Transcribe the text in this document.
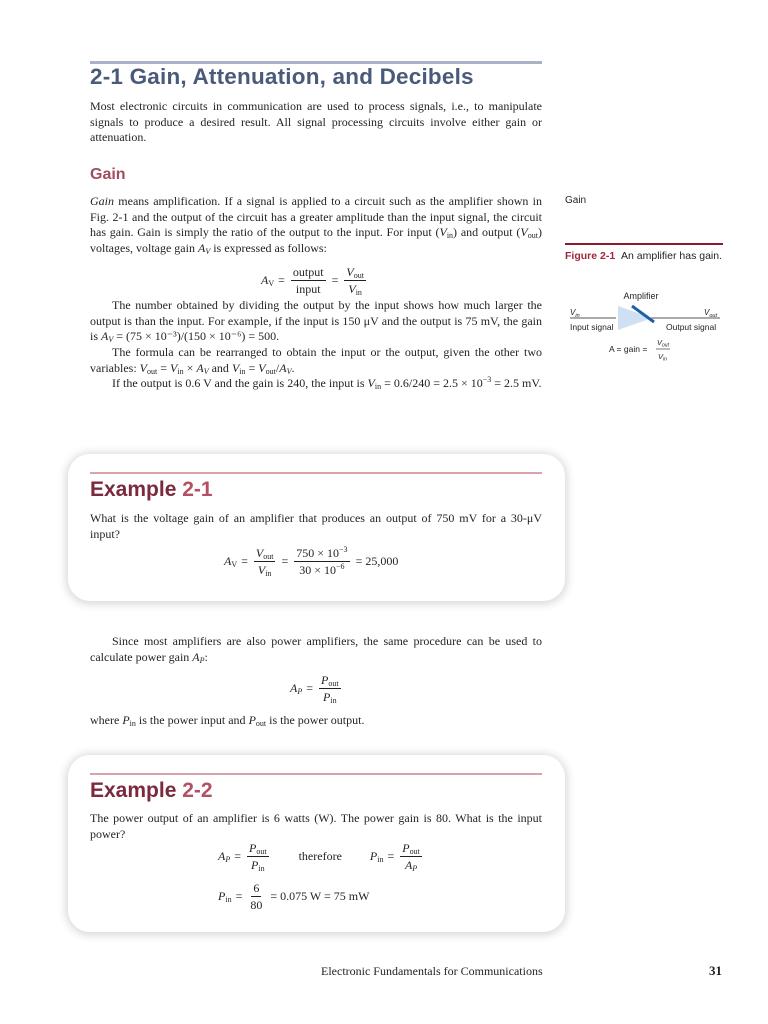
2-1 Gain, Attenuation, and Decibels

Most electronic circuits in communication are used to process signals, i.e., to manipulate signals to produce a desired result. All signal processing circuits involve either gain or attenuation.

Gain

Gain means amplification. If a signal is applied to a circuit such as the amplifier shown in Fig. 2-1 and the output of the circuit has a greater amplitude than the input signal, the circuit has gain. Gain is simply the ratio of the output to the input. For input $(V_{in})$ and output $(V_{out})$ voltages, voltage gain $A_V$ is expressed as follows:

$A_V = \frac{\text{output}}{\text{input}} = \frac{V_{out}}{V_{in}}$

The number obtained by dividing the output by the input shows how much larger the output is than the input. For example, if the input is 150 μV and the output is 75 mV, the gain is $A_V = (75 \times 10^{-3})/(150 \times 10^{-6}) = 500$.

The formula can be rearranged to obtain the input or the output, given the other two variables: $V_{out} = V_{in} \times A_V$ and $V_{in} = V_{out}/A_V$.

If the output is 0.6 V and the gain is 240, the input is $V_{in} = 0.6/240 = 2.5 \times 10^{-3} = 2.5$ mV.

Example 2-1

What is the voltage gain of an amplifier that produces an output of 750 mV for a 30-μV input?

$A_V = \frac{V_{out}}{V_{in}} = \frac{750 \times 10^{-3}}{30 \times 10^{-6}} = 25,000$

Since most amplifiers are also power amplifiers, the same procedure can be used to calculate power gain $A_P$:

$A_P = \frac{P_{out}}{P_{in}}$

where $P_{in}$ is the power input and $P_{out}$ is the power output.

Example 2-2

The power output of an amplifier is 6 watts (W). The power gain is 80. What is the input power?

$A_P = \frac{P_{out}}{P_{in}}$	therefore $P_{in} = \frac{P_{out}}{A_P}$
$P_{in} = \frac{6}{80} = 0.075$ W = 75 mW
Gain
Figure 2-1 An amplifier has gain.
Amplifier
$V_{in}$	$V_{out}$
Input signal	Output signal
A = gain =
$V_{out}$
$V_{in}$
Electronic Fundamentals for Communications	31
